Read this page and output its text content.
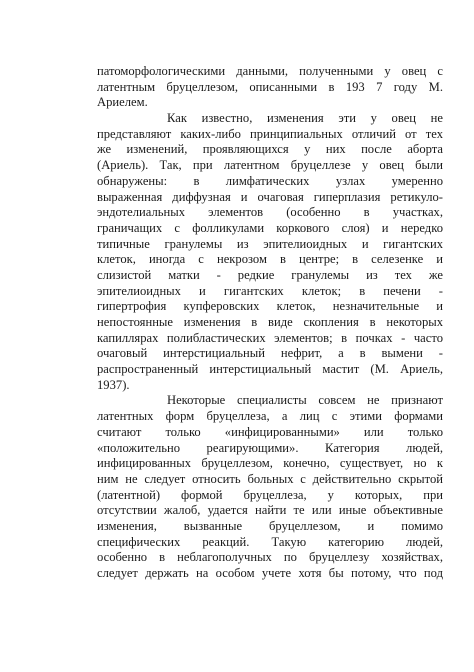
патоморфологическими данными, полученными у овец с
латентным бруцеллезом, описанными в 193 7 году М.
Ариелем.
Как известно, изменения эти у овец не
представляют каких-либо принципиальных отличий от тех
же изменений, проявляющихся у них после аборта
(Ариель). Так, при латентном бруцеллезе у овец были
обнаружены: в лимфатических узлах умеренно
выраженная диффузная и очаговая гиперплазия ретикуло-
эндотелиальных элементов (особенно в участках,
граничащих с фолликулами коркового слоя) и нередко
типичные гранулемы из эпителиоидных и гигантских
клеток, иногда с некрозом в центре; в селезенке и
слизистой матки - редкие гранулемы из тех же
эпителиоидных и гигантских клеток; в печени -
гипертрофия купферовских клеток, незначительные и
непостоянные изменения в виде скопления в некоторых
капиллярах полибластических элементов; в почках - часто
очаговый интерстициальный нефрит, а в вымени -
распространенный интерстициальный мастит (М. Ариель,
1937).
Некоторые специалисты совсем не признают
латентных форм бруцеллеза, а лиц с этими формами
считают только «инфицированными» или только
«положительно реагирующими». Категория людей,
инфицированных бруцеллезом, конечно, существует, но к
ним не следует относить больных с действительно скрытой
(латентной) формой бруцеллеза, у которых, при
отсутствии жалоб, удается найти те или иные объективные
изменения, вызванные бруцеллезом, и помимо
специфических реакций. Такую категорию людей,
особенно в неблагополучных по бруцеллезу хозяйствах,
следует держать на особом учете хотя бы потому, что под
